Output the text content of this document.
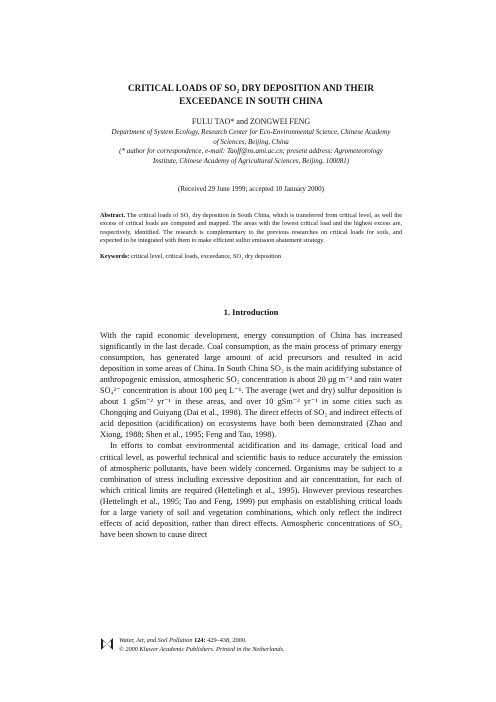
CRITICAL LOADS OF SO₂ DRY DEPOSITION AND THEIR
EXCEEDANCE IN SOUTH CHINA
FULU TAO* and ZONGWEI FENG
Department of System Ecology, Research Center for Eco-Environmental Science, Chinese Academy
of Sciences, Beijing, China
(* author for correspondence, e-mail: Taoff@ns.ami.ac.cn; present address: Agrometeorology
Institute, Chinese Academy of Agricultural Sciences, Beijing, 100081)
(Received 29 June 1999; accepted 10 January 2000)
Abstract. The critical loads of SO₂ dry deposition in South China, which is transferred from critical level, as well the excess of critical loads are computed and mapped. The areas with the lowest critical load and the highest excess are, respectively, identified. The research is complementary to the previous researches on critical loads for soils, and expected to be integrated with them to make efficient sulfur emission abatement strategy.
Keywords: critical level, critical loads, exceedance, SO₂ dry deposition
1. Introduction

With the rapid economic development, energy consumption of China has increased significantly in the last decade. Coal consumption, as the main process of primary energy consumption, has generated large amount of acid precursors and resulted in acid deposition in some areas of China. In South China SO₂ is the main acidifying substance of anthropogenic emission, atmospheric SO₂ concentration is about 20 μg m⁻³ and rain water SO₄²⁻ concentration is about 100 μeq L⁻¹. The average (wet and dry) sulfur deposition is about 1 gSm⁻² yr⁻¹ in these areas, and over 10 gSm⁻² yr⁻¹ in some cities such as Chongqing and Guiyang (Dai et al., 1998). The direct effects of SO₂ and indirect effects of acid deposition (acidification) on ecosystems have both been demonstrated (Zhao and Xiong, 1988; Shen et al., 1995; Feng and Tao, 1998).

In efforts to combat environmental acidification and its damage, critical load and critical level, as powerful technical and scientific basis to reduce accurately the emission of atmospheric pollutants, have been widely concerned. Organisms may be subject to a combination of stress including excessive deposition and air concentration, for each of which critical limits are required (Hettelingh et al., 1995). However previous researches (Hettelingh et al., 1995; Tao and Feng, 1999) put emphasis on establishing critical loads for a large variety of soil and vegetation combinations, which only reflect the indirect effects of acid deposition, rather than direct effects. Atmospheric concentrations of SO₂ have been shown to cause direct

Water, Air, and Soil Pollution 124: 429–438, 2000.
© 2000 Kluwer Academic Publishers. Printed in the Netherlands.
